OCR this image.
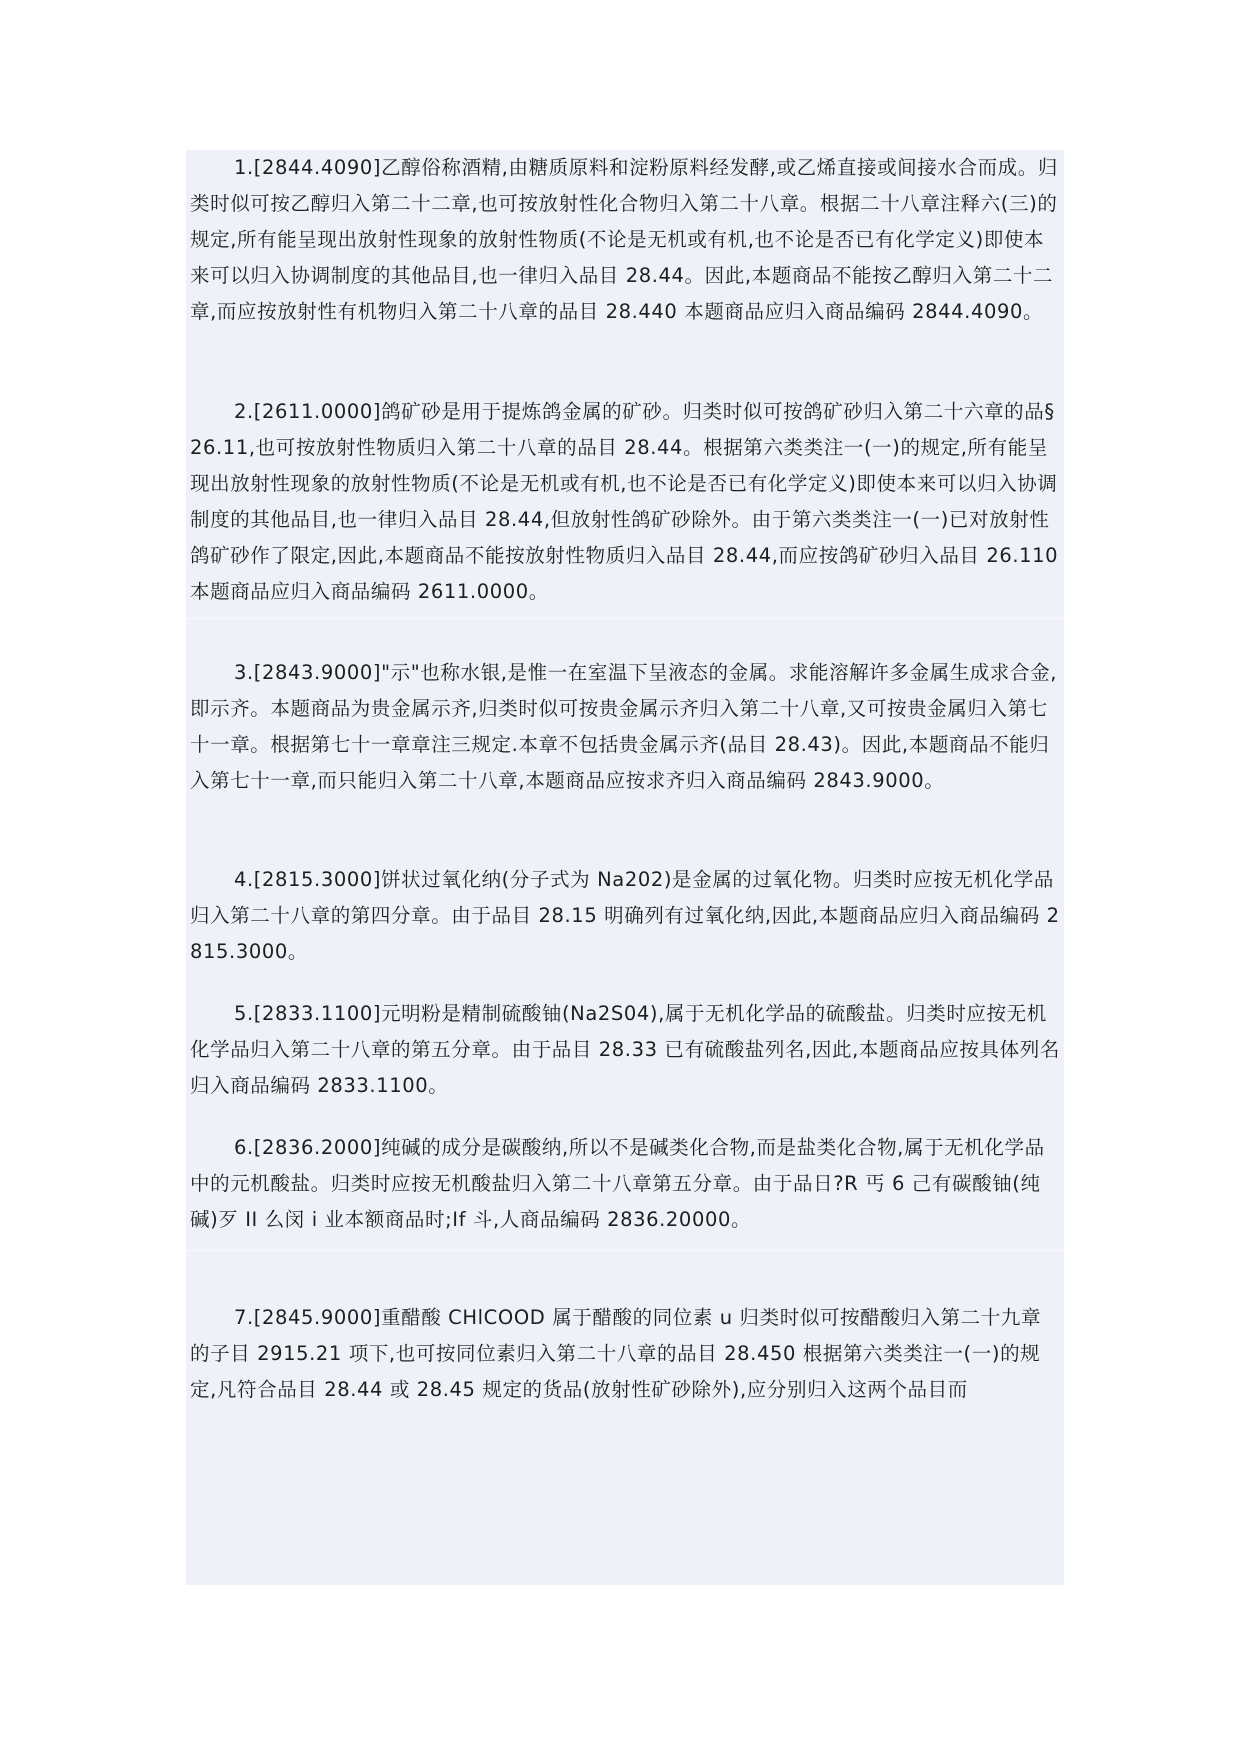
1.[2844.4090]乙醇俗称酒精,由糖质原料和淀粉原料经发酵,或乙烯直接或间接水合而成。归类时似可按乙醇归入第二十二章,也可按放射性化合物归入第二十八章。根据二十八章注释六(三)的规定,所有能呈现出放射性现象的放射性物质(不论是无机或有机,也不论是否已有化学定义)即使本来可以归入协调制度的其他品目,也一律归入品目 28.44。因此,本题商品不能按乙醇归入第二十二章,而应按放射性有机物归入第二十八章的品目 28.440 本题商品应归入商品编码 2844.4090。

2.[2611.0000]鸽矿砂是用于提炼鸽金属的矿砂。归类时似可按鸽矿砂归入第二十六章的品§26.11,也可按放射性物质归入第二十八章的品目 28.44。根据第六类类注一(一)的规定,所有能呈现出放射性现象的放射性物质(不论是无机或有机,也不论是否已有化学定义)即使本来可以归入协调制度的其他品目,也一律归入品目 28.44,但放射性鸽矿砂除外。由于第六类类注一(一)已对放射性鸽矿砂作了限定,因此,本题商品不能按放射性物质归入品目 28.44,而应按鸽矿砂归入品目 26.110 本题商品应归入商品编码 2611.0000。

3.[2843.9000]"示"也称水银,是惟一在室温下呈液态的金属。求能溶解许多金属生成求合金,即示齐。本题商品为贵金属示齐,归类时似可按贵金属示齐归入第二十八章,又可按贵金属归入第七十一章。根据第七十一章章注三规定.本章不包括贵金属示齐(品目 28.43)。因此,本题商品不能归入第七十一章,而只能归入第二十八章,本题商品应按求齐归入商品编码 2843.9000。

4.[2815.3000]饼状过氧化纳(分子式为 Na202)是金属的过氧化物。归类时应按无机化学品归入第二十八章的第四分章。由于品目 28.15 明确列有过氧化纳,因此,本题商品应归入商品编码 2815.3000。

5.[2833.1100]元明粉是精制硫酸铀(Na2S04),属于无机化学品的硫酸盐。归类时应按无机化学品归入第二十八章的第五分章。由于品目 28.33 已有硫酸盐列名,因此,本题商品应按具体列名归入商品编码 2833.1100。

6.[2836.2000]纯碱的成分是碳酸纳,所以不是碱类化合物,而是盐类化合物,属于无机化学品中的元机酸盐。归类时应按无机酸盐归入第二十八章第五分章。由于品日?R 丐 6 己有碳酸铀(纯碱)歹 II 么闵 i 业本额商品时;If 斗,人商品编码 2836.20000。

7.[2845.9000]重醋酸 CHlCOOD 属于醋酸的同位素 u 归类时似可按醋酸归入第二十九章的子目 2915.21 项下,也可按同位素归入第二十八章的品目 28.450 根据第六类类注一(一)的规定,凡符合品目 28.44 或 28.45 规定的货品(放射性矿砂除外),应分别归入这两个品目而
